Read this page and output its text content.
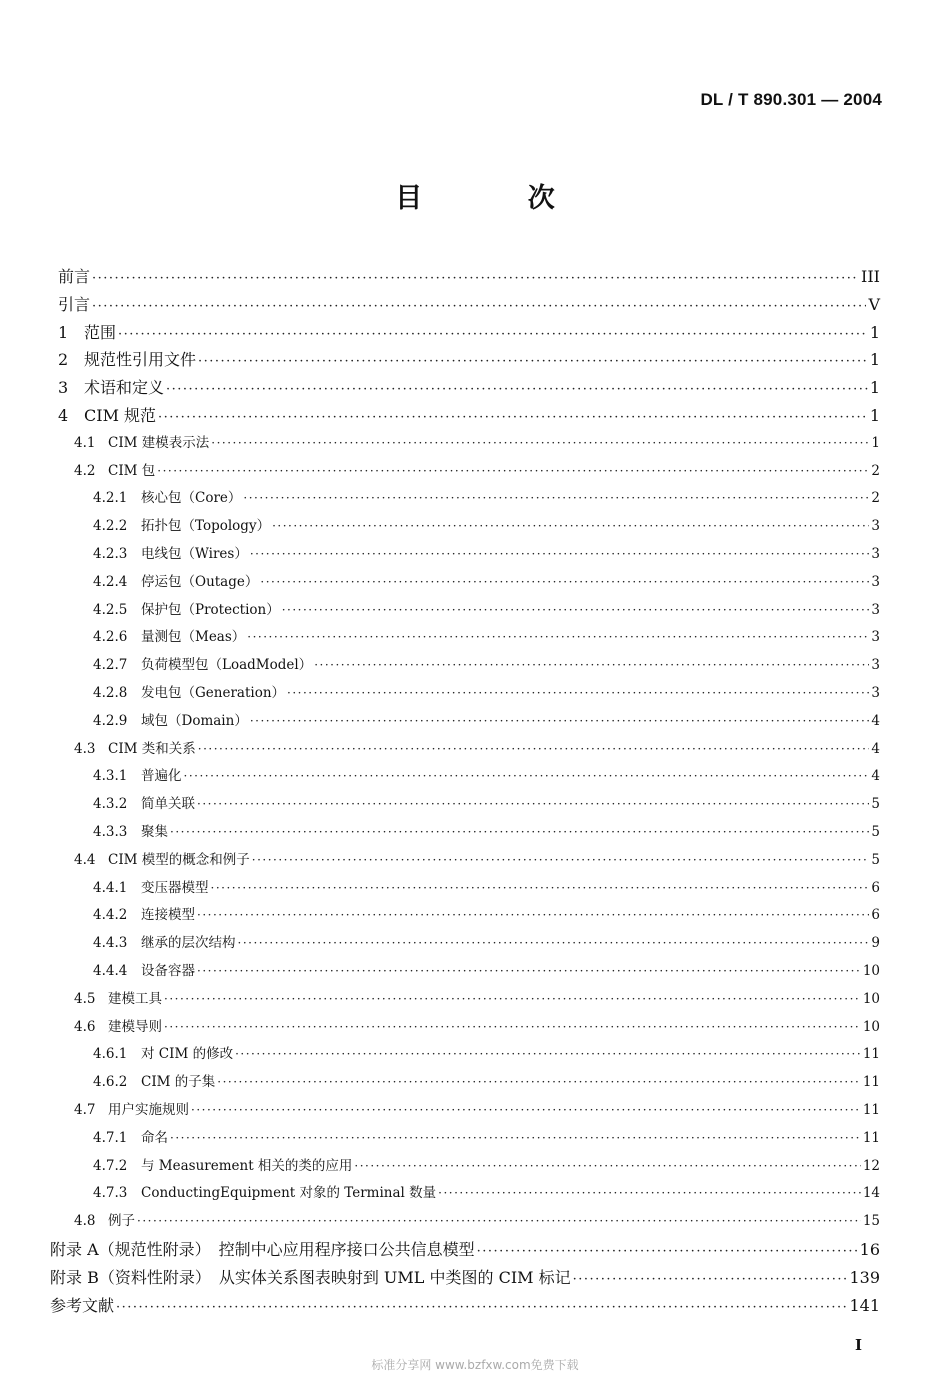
DL / T 890.301 — 2004
目 次
前言 ·····	III
引言 ·····	V
1 范围 ·····	1
2 规范性引用文件 ·····	1
3 术语和定义 ·····	1
4 CIM 规范 ·····	1
4.1 CIM 建模表示法 ·····	1
4.2 CIM 包 ·····	2
4.2.1	核心包（Core） ·····	2
4.2.2	拓扑包（Topology） ·····	3
4.2.3	电线包（Wires） ·····	3
4.2.4	停运包（Outage） ·····	3
4.2.5	保护包（Protection） ·····	3
4.2.6	量测包（Meas） ·····	3
4.2.7	负荷模型包（LoadModel） ·····	3
4.2.8	发电包（Generation） ·····	3
4.2.9	域包（Domain） ·····	4
4.3 CIM 类和关系 ·····	4
4.3.1	普遍化 ·····	4
4.3.2	简单关联 ·····	5
4.3.3	聚集 ·····	5
4.4 CIM 模型的概念和例子 ·····	5
4.4.1	变压器模型 ·····	6
4.4.2	连接模型 ·····	6
4.4.3	继承的层次结构 ·····	9
4.4.4	设备容器 ·····	10
4.5 建模工具 ·····	10
4.6 建模导则 ·····	10
4.6.1	对 CIM 的修改 ·····	11
4.6.2	CIM 的子集 ·····	11
4.7 用户实施规则 ·····	11
4.7.1	命名 ·····	11
4.7.2	与 Measurement 相关的类的应用 ·····	12
4.7.3	ConductingEquipment 对象的 Terminal 数量 ·····	14
4.8 例子 ·····	15
附录 A（规范性附录）　控制中心应用程序接口公共信息模型 ·····	16
附录 B（资料性附录）　从实体关系图表映射到 UML 中类图的 CIM 标记 ·····	139
参考文献 ·····	141
I
标准分享网 www.bzfxw.com免费下载
